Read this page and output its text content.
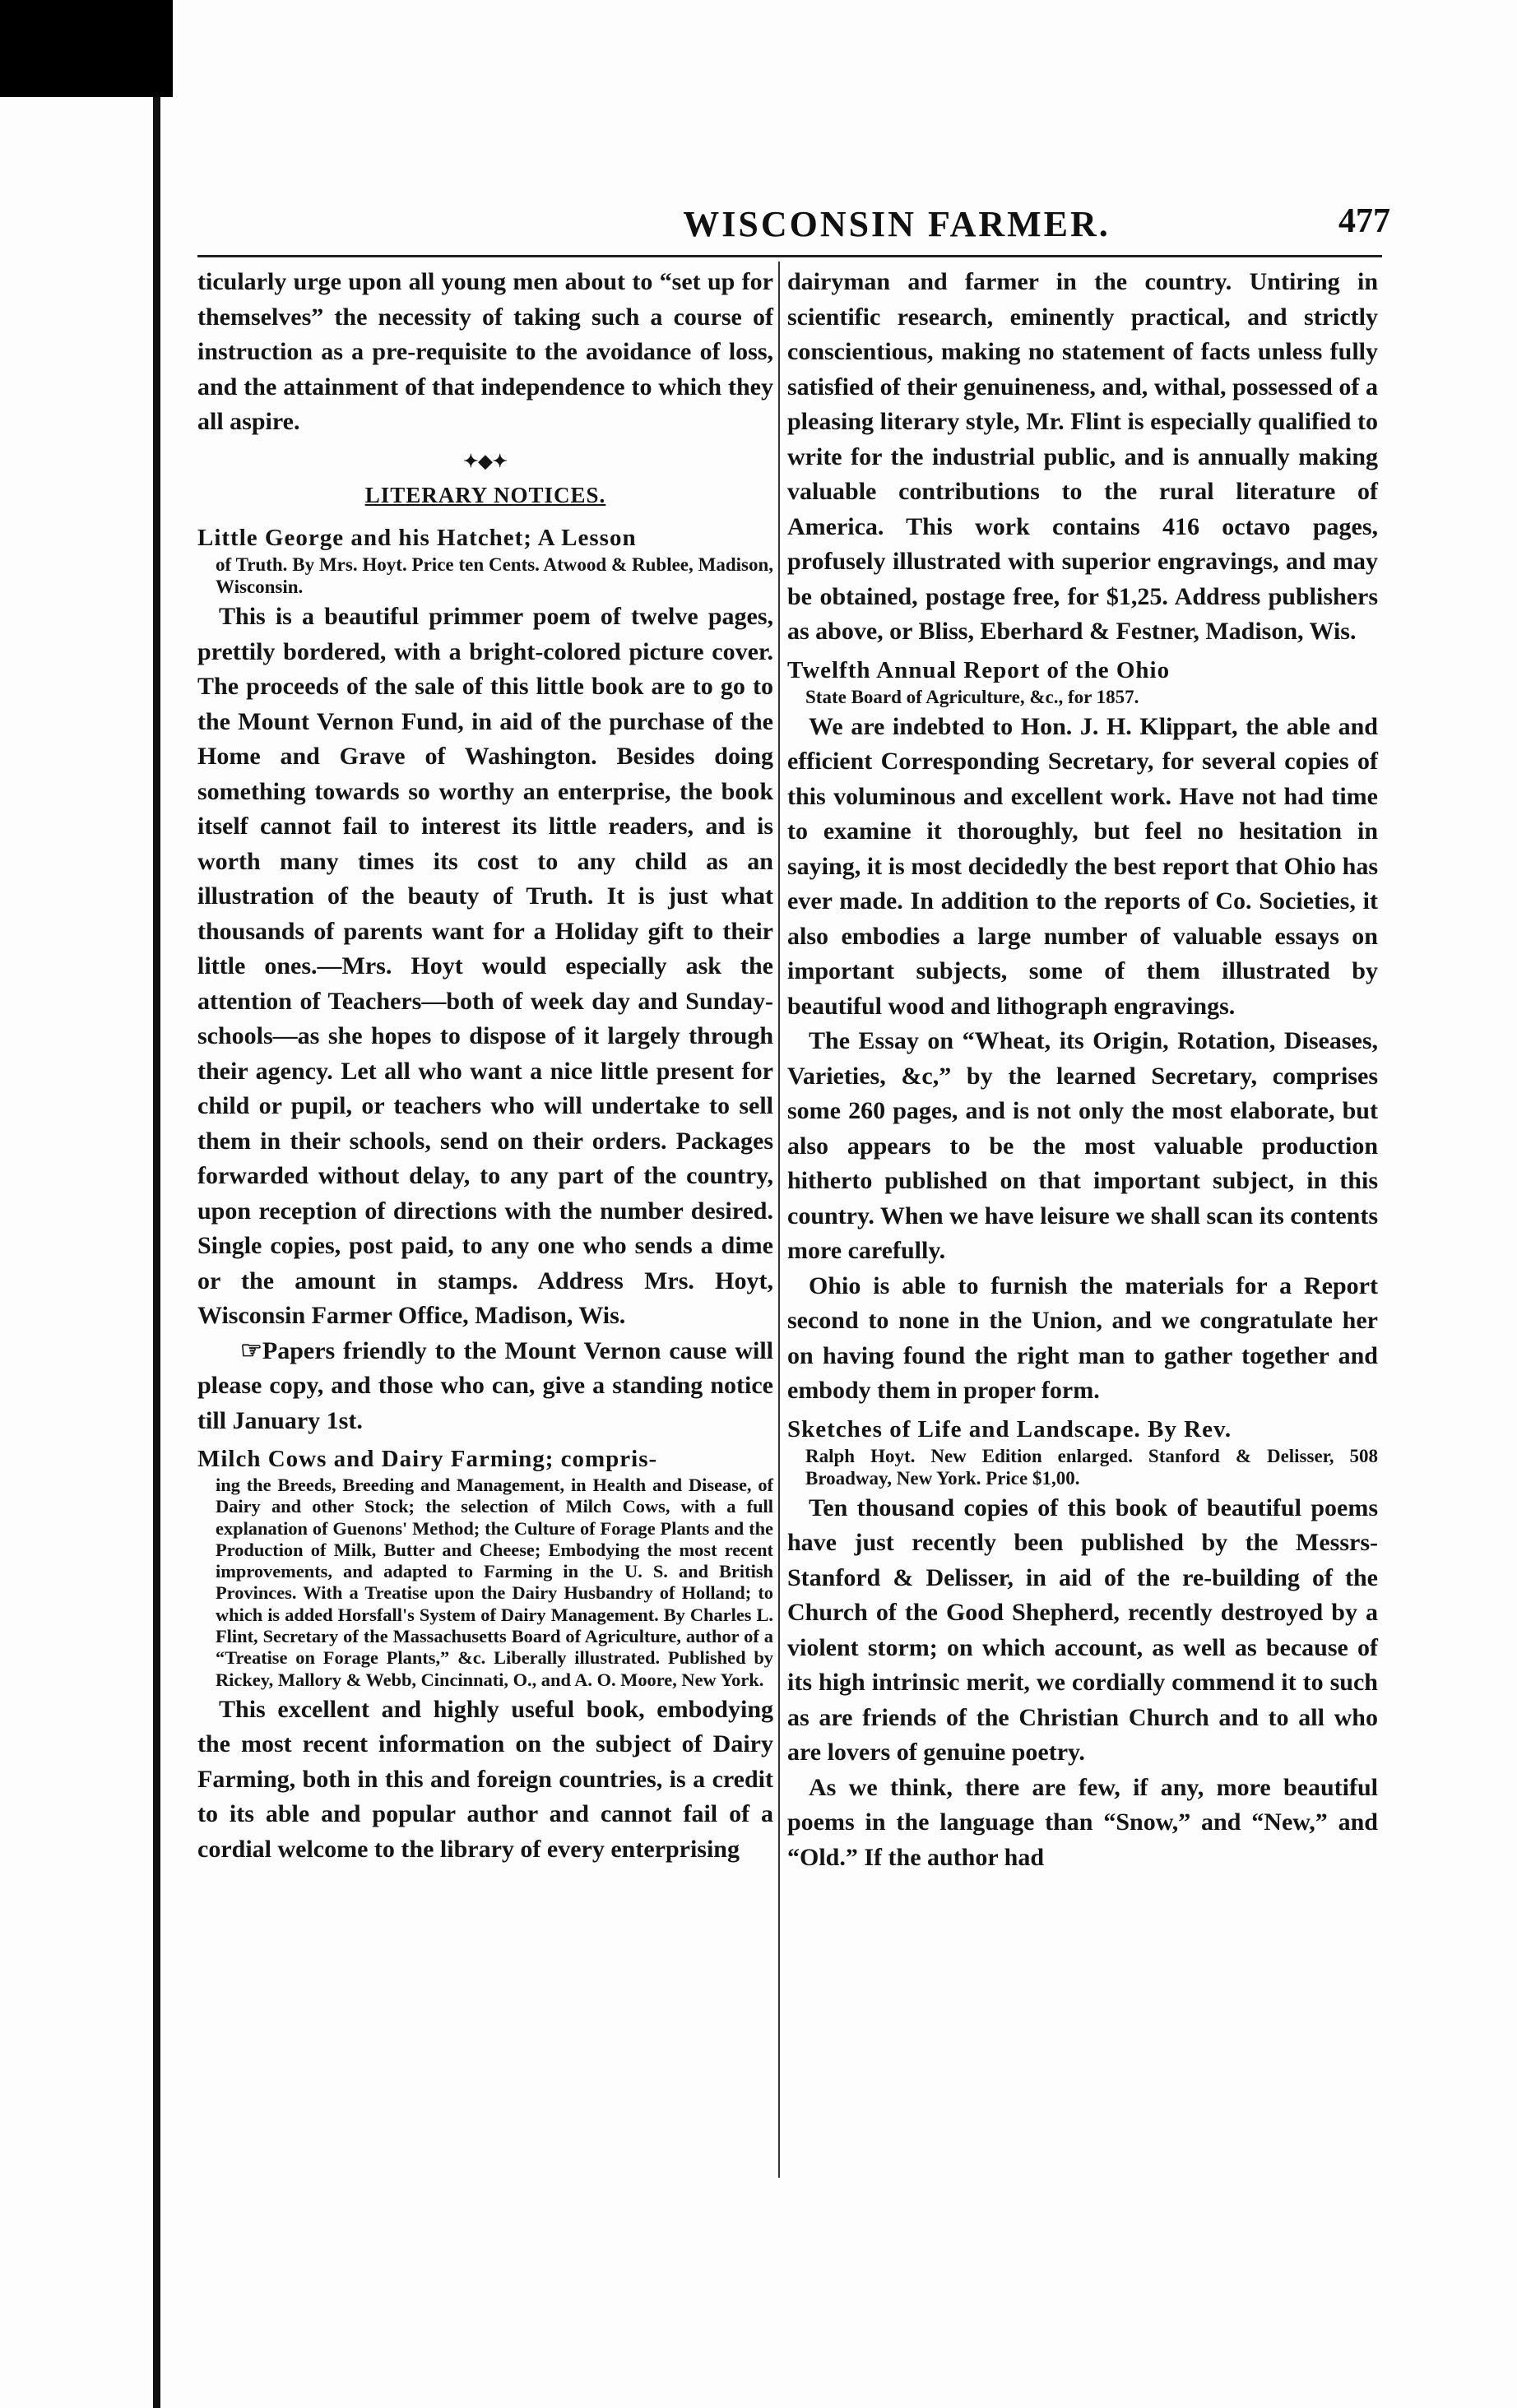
WISCONSIN FARMER.	477

ticularly urge upon all young men about to “set up for themselves” the necessity of taking such a course of instruction as a pre-requisite to the avoidance of loss, and the attainment of that independence to which they all aspire.

✦◆✦
LITERARY NOTICES.
Little George and his Hatchet; A Lesson
of Truth. By Mrs. Hoyt. Price ten Cents. Atwood & Rublee, Madison, Wisconsin.

This is a beautiful primmer poem of twelve pages, prettily bordered, with a bright-colored picture cover. The proceeds of the sale of this little book are to go to the Mount Vernon Fund, in aid of the purchase of the Home and Grave of Washington. Besides doing something towards so worthy an enterprise, the book itself cannot fail to interest its little readers, and is worth many times its cost to any child as an illustration of the beauty of Truth. It is just what thousands of parents want for a Holiday gift to their little ones.—Mrs. Hoyt would especially ask the attention of Teachers—both of week day and Sunday-schools—as she hopes to dispose of it largely through their agency. Let all who want a nice little present for child or pupil, or teachers who will undertake to sell them in their schools, send on their orders. Packages forwarded without delay, to any part of the country, upon reception of directions with the number desired. Single copies, post paid, to any one who sends a dime or the amount in stamps. Address Mrs. Hoyt, Wisconsin Farmer Office, Madison, Wis.

☞Papers friendly to the Mount Vernon cause will please copy, and those who can, give a standing notice till January 1st.

Milch Cows and Dairy Farming; compris-
ing the Breeds, Breeding and Management, in Health and Disease, of Dairy and other Stock; the selection of Milch Cows, with a full explanation of Guenons' Method; the Culture of Forage Plants and the Production of Milk, Butter and Cheese; Embodying the most recent improvements, and adapted to Farming in the U. S. and British Provinces. With a Treatise upon the Dairy Husbandry of Holland; to which is added Horsfall's System of Dairy Management. By Charles L. Flint, Secretary of the Massachusetts Board of Agriculture, author of a “Treatise on Forage Plants,” &c. Liberally illustrated. Published by Rickey, Mallory & Webb, Cincinnati, O., and A. O. Moore, New York.

This excellent and highly useful book, embodying the most recent information on the subject of Dairy Farming, both in this and foreign countries, is a credit to its able and popular author and cannot fail of a cordial welcome to the library of every enterprising

dairyman and farmer in the country. Untiring in scientific research, eminently practical, and strictly conscientious, making no statement of facts unless fully satisfied of their genuineness, and, withal, possessed of a pleasing literary style, Mr. Flint is especially qualified to write for the industrial public, and is annually making valuable contributions to the rural literature of America. This work contains 416 octavo pages, profusely illustrated with superior engravings, and may be obtained, postage free, for $1,25. Address publishers as above, or Bliss, Eberhard & Festner, Madison, Wis.

Twelfth Annual Report of the Ohio
State Board of Agriculture, &c., for 1857.

We are indebted to Hon. J. H. Klippart, the able and efficient Corresponding Secretary, for several copies of this voluminous and excellent work. Have not had time to examine it thoroughly, but feel no hesitation in saying, it is most decidedly the best report that Ohio has ever made. In addition to the reports of Co. Societies, it also embodies a large number of valuable essays on important subjects, some of them illustrated by beautiful wood and lithograph engravings.

The Essay on “Wheat, its Origin, Rotation, Diseases, Varieties, &c,” by the learned Secretary, comprises some 260 pages, and is not only the most elaborate, but also appears to be the most valuable production hitherto published on that important subject, in this country. When we have leisure we shall scan its contents more carefully.

Ohio is able to furnish the materials for a Report second to none in the Union, and we congratulate her on having found the right man to gather together and embody them in proper form.

Sketches of Life and Landscape. By Rev.
Ralph Hoyt. New Edition enlarged. Stanford & Delisser, 508 Broadway, New York. Price $1,00.

Ten thousand copies of this book of beautiful poems have just recently been published by the Messrs- Stanford & Delisser, in aid of the re-building of the Church of the Good Shepherd, recently destroyed by a violent storm; on which account, as well as because of its high intrinsic merit, we cordially commend it to such as are friends of the Christian Church and to all who are lovers of genuine poetry.

As we think, there are few, if any, more beautiful poems in the language than “Snow,” and “New,” and “Old.” If the author had
